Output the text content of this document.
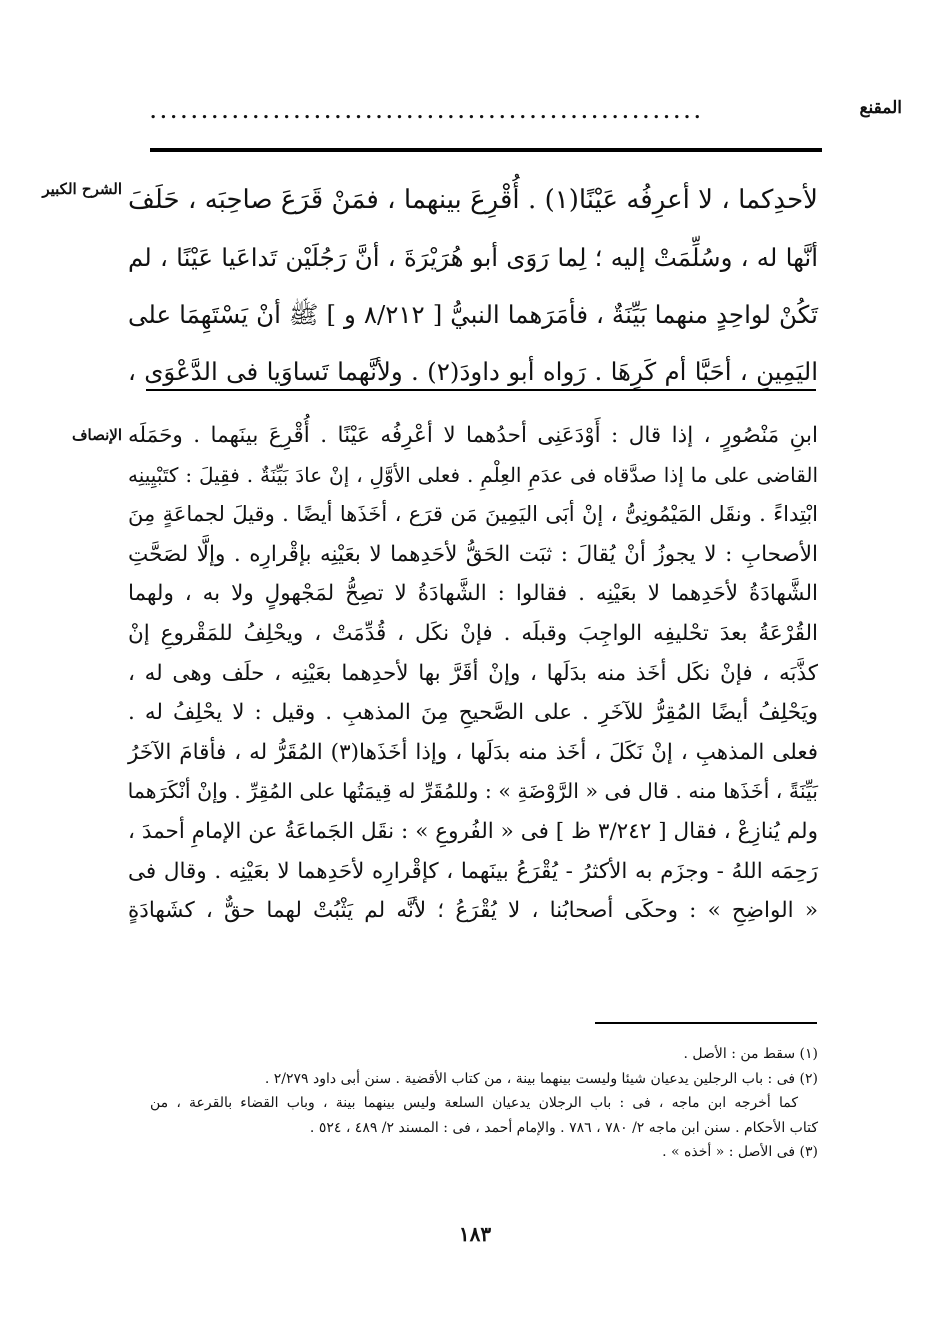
المقنع
......................................................
الشرح الكبير لأحدِكما ، لا أعرِفُه عَيْنًا(١) . أُقْرِعَ بينهما ، فمَنْ قَرَعَ صاحِبَه ، حَلَفَ
أنَّها له ، وسُلِّمَتْ إليه ؛ لِما رَوَى أبو هُرَيْرَةَ ، أنَّ رَجُلَيْن تَداعَيا عَيْنًا ، لم
تَكُنْ لواحِدٍ منهما بَيِّنَةٌ ، فأمَرَهما النبيُّ [ ٨/٢١٢ و ] ﷺ أنْ يَسْتَهِمَا على
اليَمِينِ ، أحَبَّا أم كَرِهَا . رَواه أبو داودَ(٢) . ولأنَّهما تَساوَيا فى الدَّعْوَى ،
الإنصاف ابنِ مَنْصُورٍ ، إذا قال : أَوْدَعَنِى أحدُهما لا أعْرِفُه عَيْنًا . أُقْرِعَ بينَهما . وحَمَلَه
القاضى على ما إذا صدَّقاه فى عدَمِ العِلْمِ . فعلى الأوَّلِ ، إنْ عادَ بَيِّنَةٌ . فقِيلَ : كتَبْيِينِه
ابْتِداءً . ونقَل المَيْمُونِىُّ ، إنْ أبَى اليَمِينَ مَن قرَع ، أخَذَها أيضًا . وقيلَ لجماعَةٍ مِنَ
الأصحابِ : لا يجوزُ أنْ يُقالَ : ثبَت الحَقُّ لأحَدِهما لا بعَيْنِه بإقْرارِه . وإلَّا لصَحَّتِ
الشَّهادَةُ لأحَدِهما لا بعَيْنِه . فقالوا : الشَّهادَةُ لا تصِحُّ لمَجْهولٍ ولا به ، ولهما
القُرْعَةُ بعدَ تحْليفِه الواجِبَ وقبلَه . فإنْ نكَل ، قُدِّمَتْ ، ويحْلِفُ للمَقْروعِ إنْ
كذَّبَه ، فإنْ نكَل أخَذ منه بدَلَها ، وإنْ أقَرَّ بها لأحدِهما بعَيْنِه ، حلَف وهى له ،
ويَحْلِفُ أيضًا المُقِرُّ للآخَرِ . على الصَّحيحِ مِنَ المذهبِ . وقيل : لا يحْلِفُ له .
فعلى المذهبِ ، إنْ نَكَلَ ، أخَذ منه بدَلَها ، وإذا أخَذَها(٣) المُقَرُّ له ، فأقامَ الآخَرُ
بَيِّنَةً ، أخَذَها منه . قال فى « الرَّوْضَةِ » : وللمُقَرِّ له قِيمَتُها على المُقِرِّ . وإنْ أنْكَرَهما
ولم يُنازِعْ ، فقال [ ٣/٢٤٢ ظ ] فى « الفُروعِ » : نقَل الجَماعَةُ عن الإمامِ أحمدَ ،
رَحِمَه اللهُ - وجزَم به الأكثرُ - يُقْرَعُ بينَهما ، كإقْرارِه لأحَدِهما لا بعَيْنِه . وقال فى
« الواضِحِ » : وحكَى أصحابُنا ، لا يُقْرَعُ ؛ لأنَّه لم يَثْبُتْ لهما حقٌّ ، كشَهادَةٍ
(١) سقط من : الأصل .
(٢) فى : باب الرجلين يدعيان شيئا وليست بينهما بينة ، من كتاب الأقضية . سنن أبى داود ٢/٢٧٩ .
كما أخرجه ابن ماجه ، فى : باب الرجلان يدعيان السلعة وليس بينهما بينة ، وباب القضاء بالقرعة ، من
كتاب الأحكام . سنن ابن ماجه ٢/ ٧٨٠ ، ٧٨٦ . والإمام أحمد ، فى : المسند ٢/ ٤٨٩ ، ٥٢٤ .
(٣) فى الأصل : « أخذه » .
١٨٣
